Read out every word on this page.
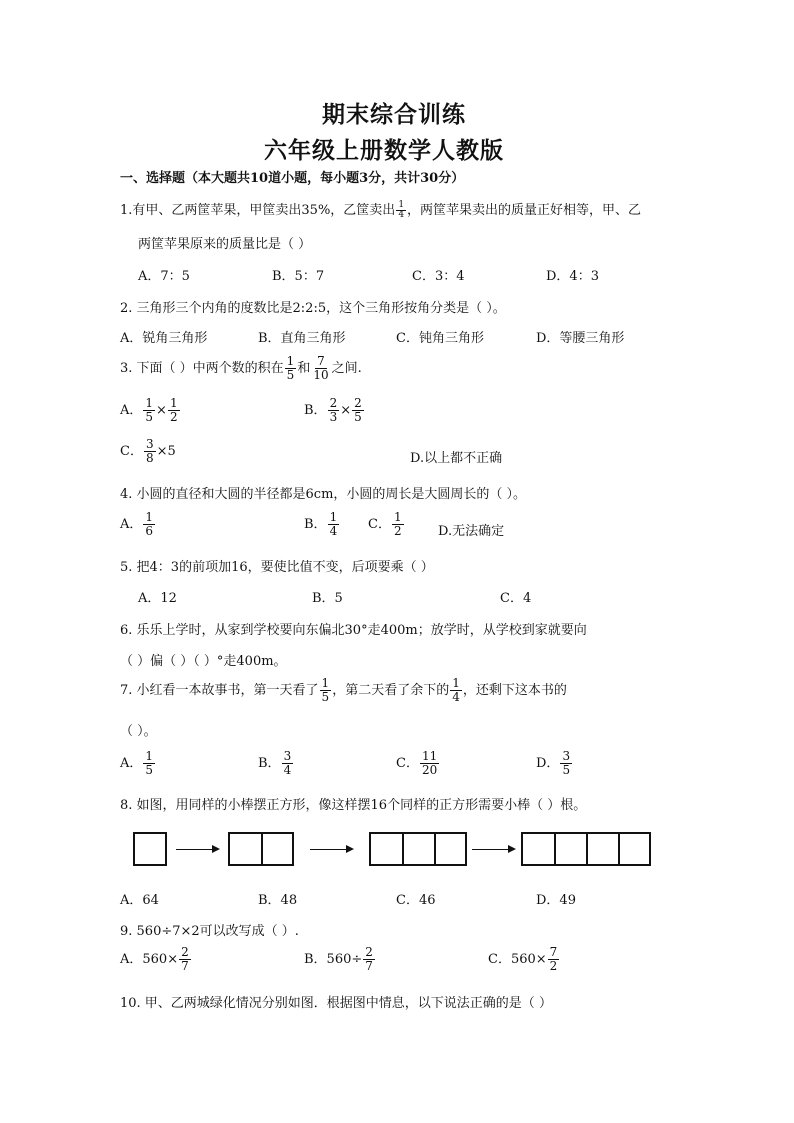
期末综合训练
六年级上册数学人教版
一、选择题（本大题共10道小题，每小题3分，共计30分）
1.有甲、乙两筐苹果，甲筐卖出35%，乙筐卖出 $\frac{1}{4}$ ，两筐苹果卖出的质量正好相等，甲、乙
两筐苹果原来的质量比是（ ）
A．7：5	B．5：7	C．3：4	D．4：3
2. 三角形三个内角的度数比是2:2:5，这个三角形按角分类是（ ）。
A．锐角三角形	B．直角三角形	C．钝角三角形	D．等腰三角形
3. 下面（ ）中两个数的积在 $\frac{1}{5}$ 和 $\frac{7}{10}$ 之间.
A． $\frac{1}{5} \times \frac{1}{2}$	B． $\frac{2}{3} \times \frac{2}{5}$
C． $\frac{3}{8} \times 5$	D.以上都不正确
4. 小圆的直径和大圆的半径都是6cm，小圆的周长是大圆周长的（ ）。
A． $\frac{1}{6}$	B． $\frac{1}{4}$ C． $\frac{1}{2}$	D.无法确定
5. 把4：3的前项加16，要使比值不变，后项要乘（ ）
A．12	B．5	C．4
6. 乐乐上学时，从家到学校要向东偏北30°走400m；放学时，从学校到家就要向
（ ）偏（ ）（ ）°走400m。
7. 小红看一本故事书，第一天看了 $\frac{1}{5}$ ，第二天看了余下的 $\frac{1}{4}$ ，还剩下这本书的
（ ）。
A． $\frac{1}{5}$	B． $\frac{3}{4}$	C． $\frac{11}{20}$	D． $\frac{3}{5}$
8. 如图，用同样的小棒摆正方形，像这样摆16个同样的正方形需要小棒（ ）根。
A．64	B．48	C．46	D．49
9. 560÷7×2可以改写成（ ）.
A．$560\times \frac{2}{7}$	B．$560\div \frac{2}{7}$	C．$560\times \frac{7}{2}$
10. 甲、乙两城绿化情况分别如图．根据图中情息，以下说法正确的是（ ）
